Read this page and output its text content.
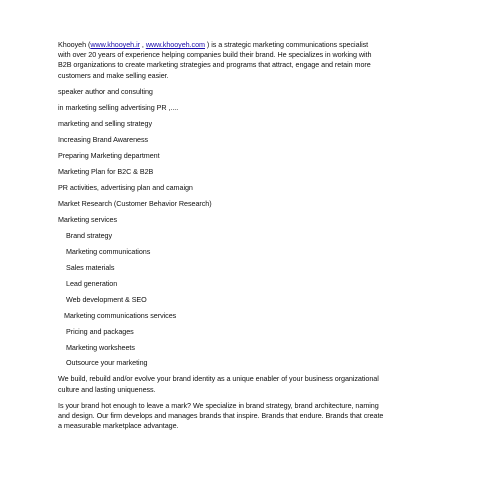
Khooyeh (www.khooyeh.ir , www.khooyeh.com ) is a strategic marketing communications specialist
with over 20 years of experience helping companies build their brand. He specializes in working with
B2B organizations to create marketing strategies and programs that attract, engage and retain more
customers and make selling easier.

speaker author and consulting
in marketing selling advertising PR ,....
marketing and selling strategy
Increasing Brand Awareness
Preparing Marketing department
Marketing Plan for B2C & B2B
PR activities, advertising plan and camaign
Market Research (Customer Behavior Research)
Marketing services
Brand strategy
Marketing communications
Sales materials
Lead generation
Web development & SEO
Marketing communications services
Pricing and packages
Marketing worksheets
Outsource your marketing

We build, rebuild and/or evolve your brand identity as a unique enabler of your business organizational
culture and lasting uniqueness.

Is your brand hot enough to leave a mark? We specialize in brand strategy, brand architecture, naming
and design. Our firm develops and manages brands that inspire. Brands that endure. Brands that create
a measurable marketplace advantage.
